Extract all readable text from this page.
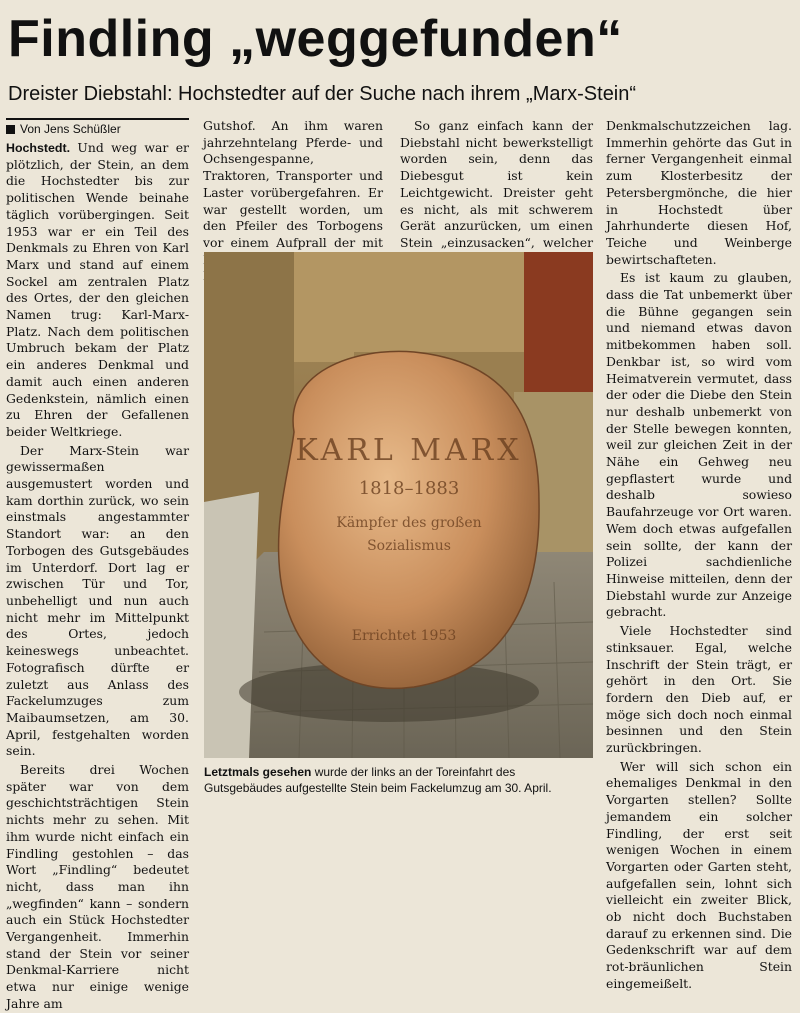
Findling „weggefunden“
Dreister Diebstahl: Hochstedter auf der Suche nach ihrem „Marx-Stein“
Von Jens Schüßler

Hochstedt. Und weg war er plötzlich, der Stein, an dem die Hochstedter bis zur politischen Wende beinahe täglich vorübergingen. Seit 1953 war er ein Teil des Denkmals zu Ehren von Karl Marx und stand auf einem Sockel am zentralen Platz des Ortes, der den gleichen Namen trug: Karl-Marx-Platz. Nach dem politischen Umbruch bekam der Platz ein anderes Denkmal und damit auch einen anderen Gedenkstein, nämlich einen zu Ehren der Gefallenen beider Weltkriege.

Der Marx-Stein war gewissermaßen ausgemustert worden und kam dorthin zurück, wo sein einstmals angestammter Standort war: an den Torbogen des Gutsgebäudes im Unterdorf. Dort lag er zwischen Tür und Tor, unbehelligt und nun auch nicht mehr im Mittelpunkt des Ortes, jedoch keineswegs unbeachtet. Fotografisch dürfte er zuletzt aus Anlass des Fackelumzuges zum Maibaumsetzen, am 30. April, festgehalten worden sein.

Bereits drei Wochen später war von dem geschichtsträchtigen Stein nichts mehr zu sehen. Mit ihm wurde nicht einfach ein Findling gestohlen – das Wort „Findling“ bedeutet nicht, dass man ihn „wegfinden“ kann – sondern auch ein Stück Hochstedter Vergangenheit. Immerhin stand der Stein vor seiner Denkmal-Karriere nicht etwa nur einige wenige Jahre am

Gutshof. An ihm waren jahrzehntelang Pferde- und Ochsengespanne, Traktoren, Transporter und Laster vorübergefahren. Er war gestellt worden, um den Pfeiler des Torbogens vor einem Aufprall der mit

So ganz einfach kann der Diebstahl nicht bewerkstelligt worden sein, denn das Diebesgut ist kein Leichtgewicht. Dreister geht es nicht, als mit schwerem Gerät anzurücken, um einen Stein „einzusacken“, welcher

Denkmalschutzzeichen lag. Immerhin gehörte das Gut in ferner Vergangenheit einmal zum Klosterbesitz der Petersbergmönche, die hier in Hochstedt über Jahrhunderte diesen Hof, Teiche und Weinberge bewirtschafteten.

Es ist kaum zu glauben, dass die Tat unbemerkt über die Bühne gegangen sein und niemand etwas davon mitbekommen haben soll. Denkbar ist, so wird vom Heimatverein vermutet, dass der oder die Diebe den Stein nur deshalb unbemerkt von der Stelle bewegen konnten, weil zur gleichen Zeit in der Nähe ein Gehweg neu gepflastert wurde und deshalb sowieso Baufahrzeuge vor Ort waren. Wem doch etwas aufgefallen sein sollte, der kann der Polizei sachdienliche Hinweise mitteilen, denn der Diebstahl wurde zur Anzeige gebracht.

Viele Hochstedter sind stinksauer. Egal, welche Inschrift der Stein trägt, er gehört in den Ort. Sie fordern den Dieb auf, er möge sich doch noch einmal besinnen und den Stein zurückbringen.

Wer will sich schon ein ehemaliges Denkmal in den Vorgarten stellen? Sollte jemandem ein solcher Findling, der erst seit wenigen Wochen in einem Vorgarten oder Garten steht, aufgefallen sein, lohnt sich vielleicht ein zweiter Blick, ob nicht doch Buchstaben darauf zu erkennen sind. Die Gedenkschrift war auf dem rot-bräunlichen Stein eingemeißelt.

KARL MARX
1818–1883
Kämpfer des großen
Sozialismus
Errichtet 1953
Letztmals gesehen wurde der links an der Toreinfahrt des Gutsgebäudes aufgestellte Stein beim Fackelumzug am 30. April.
